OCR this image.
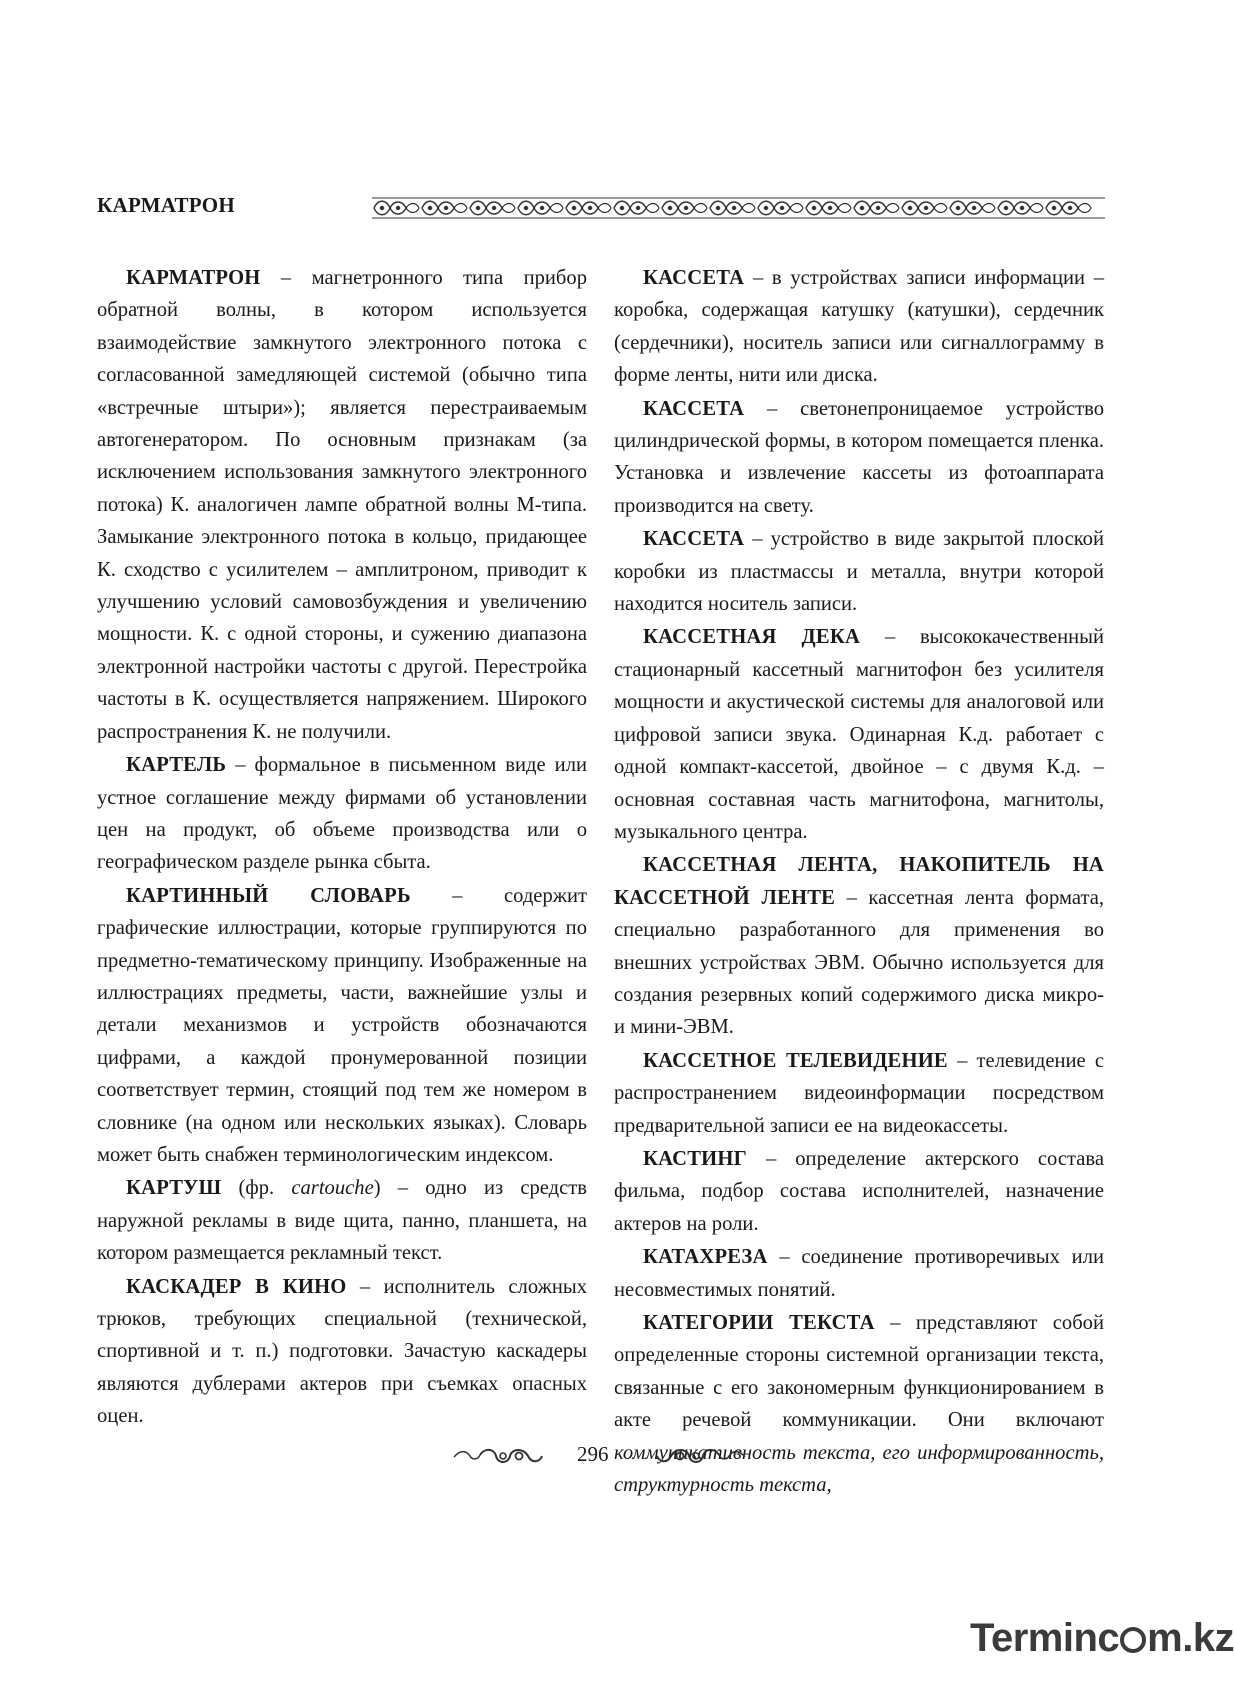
КАРМАТРОН

КАРМАТРОН – магнетронного типа прибор обратной волны, в котором используется взаимодействие замкнутого электронного потока с согласованной замедляющей системой (обычно типа «встречные штыри»); является перестраиваемым автогенератором. По основным признакам (за исключением использования замкнутого электронного потока) К. аналогичен лампе обратной волны М-типа. Замыкание электронного потока в кольцо, придающее К. сходство с усилителем – амплитроном, приводит к улучшению условий самовозбуждения и увеличению мощности. К. с одной стороны, и сужению диапазона электронной настройки частоты с другой. Перестройка частоты в К. осуществляется напряжением. Широкого распространения К. не получили.

КАРТЕЛЬ – формальное в письменном виде или устное соглашение между фирмами об установлении цен на продукт, об объеме производства или о географическом разделе рынка сбыта.

КАРТИННЫЙ СЛОВАРЬ – содержит графические иллюстрации, которые группируются по предметно-тематическому принципу. Изображенные на иллюстрациях предметы, части, важнейшие узлы и детали механизмов и устройств обозначаются цифрами, а каждой пронумерованной позиции соответствует термин, стоящий под тем же номером в словнике (на одном или нескольких языках). Словарь может быть снабжен терминологическим индексом.

КАРТУШ (фр. cartouche) – одно из средств наружной рекламы в виде щита, панно, планшета, на котором размещается рекламный текст.

КАСКАДЕР В КИНО – исполнитель сложных трюков, требующих специальной (технической, спортивной и т. п.) подготовки. Зачастую каскадеры являются дублерами актеров при съемках опасных оцен.

КАССЕТА – в устройствах записи информации – коробка, содержащая катушку (катушки), сердечник (сердечники), носитель записи или сигналлограмму в форме ленты, нити или диска.

КАССЕТА – светонепроницаемое устройство цилиндрической формы, в котором помещается пленка. Установка и извлечение кассеты из фотоаппарата производится на свету.

КАССЕТА – устройство в виде закрытой плоской коробки из пластмассы и металла, внутри которой находится носитель записи.

КАССЕТНАЯ ДЕКА – высококачественный стационарный кассетный магнитофон без усилителя мощности и акустической системы для аналоговой или цифровой записи звука. Одинарная К.д. работает с одной компакт-кассетой, двойное – с двумя К.д. – основная составная часть магнитофона, магнитолы, музыкального центра.

КАССЕТНАЯ ЛЕНТА, НАКОПИТЕЛЬ НА КАССЕТНОЙ ЛЕНТЕ – кассетная лента формата, специально разработанного для применения во внешних устройствах ЭВМ. Обычно используется для создания резервных копий содержимого диска микро- и мини-ЭВМ.

КАССЕТНОЕ ТЕЛЕВИДЕНИЕ – телевидение с распространением видеоинформации посредством предварительной записи ее на видеокассеты.

КАСТИНГ – определение актерского состава фильма, подбор состава исполнителей, назначение актеров на роли.

КАТАХРЕЗА – соединение противоречивых или несовместимых понятий.

КАТЕГОРИИ ТЕКСТА – представляют собой определенные стороны системной организации текста, связанные с его закономерным функционированием в акте речевой коммуникации. Они включают коммуникативность текста, его информированность, структурность текста,

296
Terminc m.kz
